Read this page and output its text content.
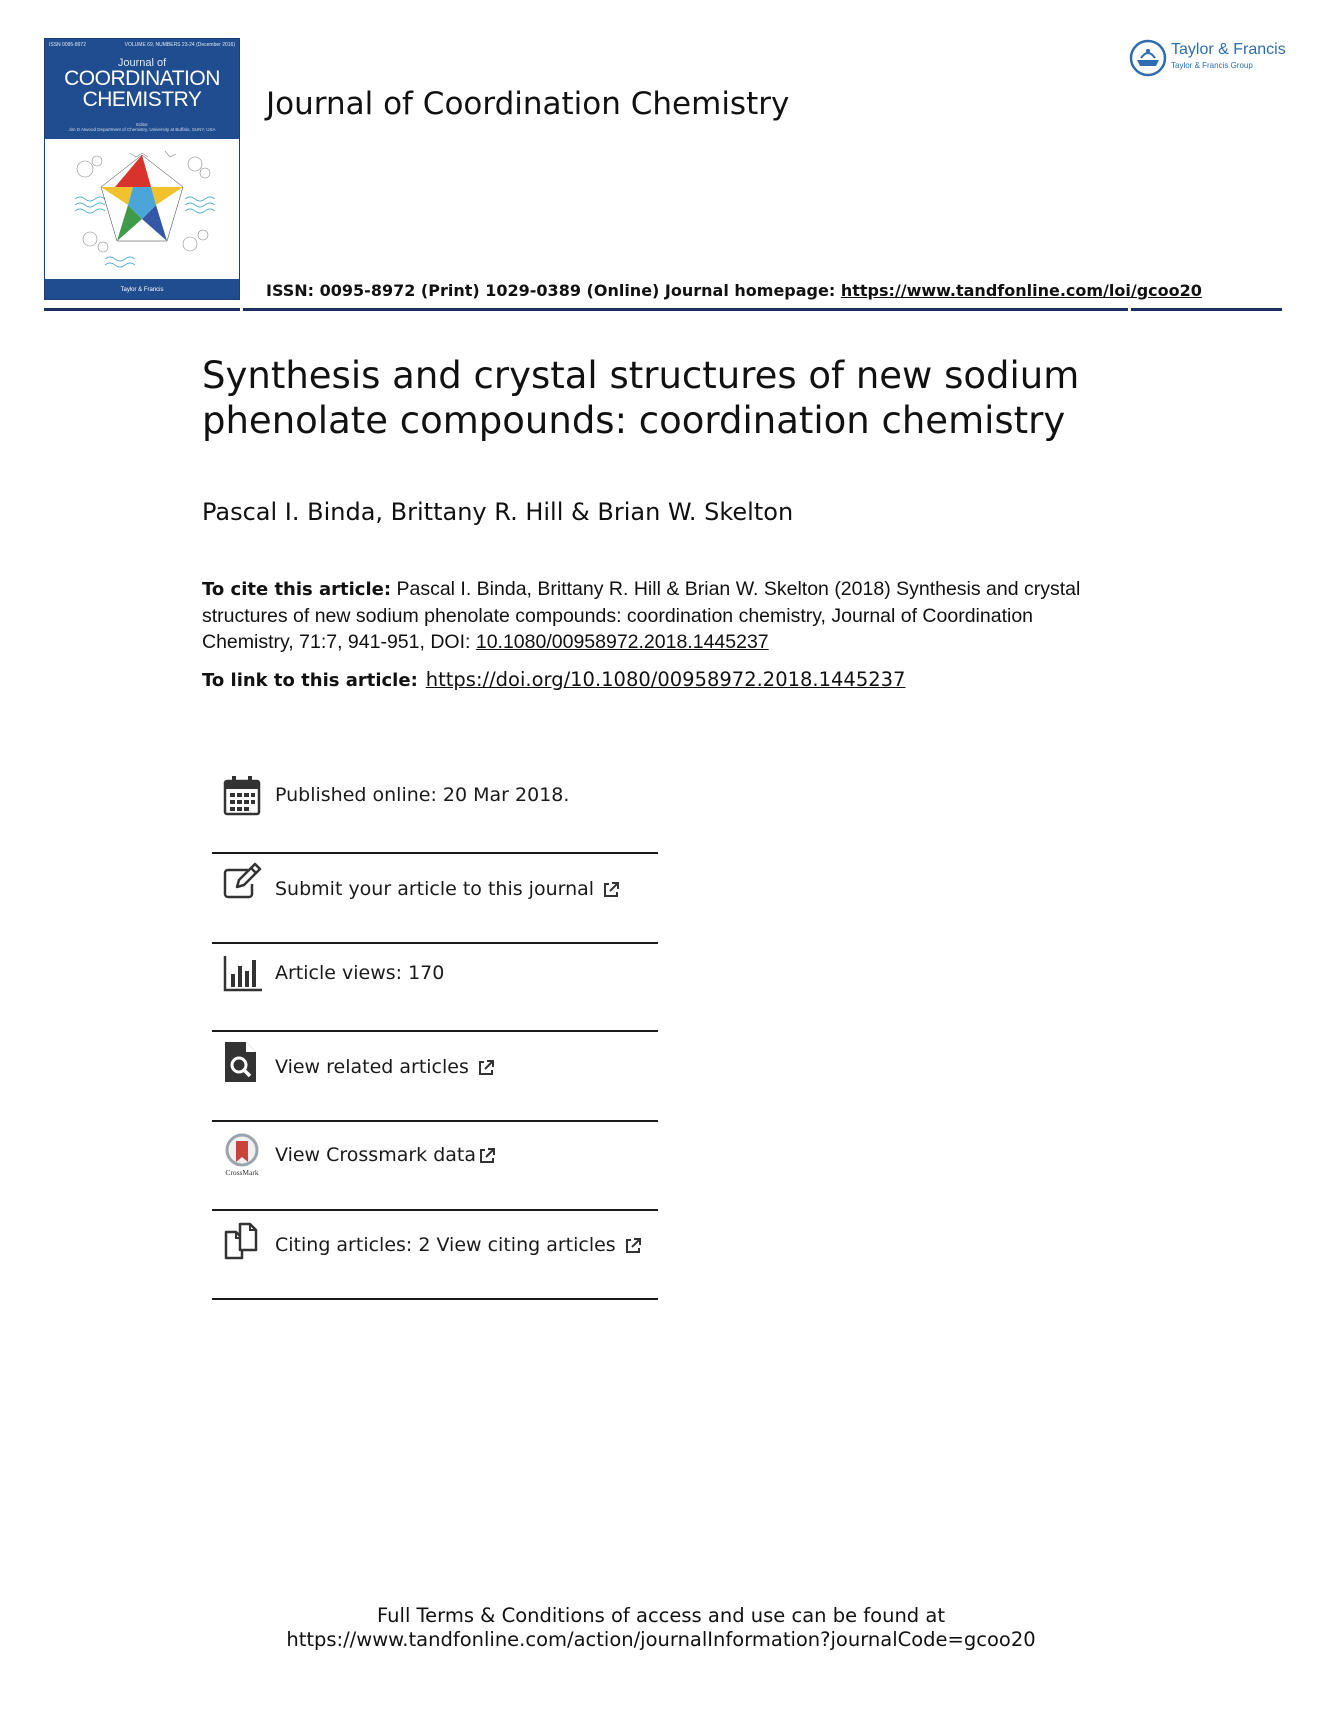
ISSN 0095-8972	VOLUME 69, NUMBERS 23-24 (December 2016)
Journal of
COORDINATION
CHEMISTRY
Editor
Jim D Atwood Department of Chemistry, University at Buffalo, SUNY, USA
Taylor & Francis
Journal of Coordination Chemistry
ISSN: 0095-8972 (Print) 1029-0389 (Online) Journal homepage: https://www.tandfonline.com/loi/gcoo20
Taylor & Francis
Taylor & Francis Group
Synthesis and crystal structures of new sodium
phenolate compounds: coordination chemistry
Pascal I. Binda, Brittany R. Hill & Brian W. Skelton
To cite this article: Pascal I. Binda, Brittany R. Hill & Brian W. Skelton (2018) Synthesis and crystal structures of new sodium phenolate compounds: coordination chemistry, Journal of Coordination Chemistry, 71:7, 941-951, DOI: 10.1080/00958972.2018.1445237
To link to this article: https://doi.org/10.1080/00958972.2018.1445237
Published online: 20 Mar 2018.
Submit your article to this journal
Article views: 170
View related articles
CrossMark
View Crossmark data
Citing articles: 2 View citing articles
Full Terms & Conditions of access and use can be found at
https://www.tandfonline.com/action/journalInformation?journalCode=gcoo20
